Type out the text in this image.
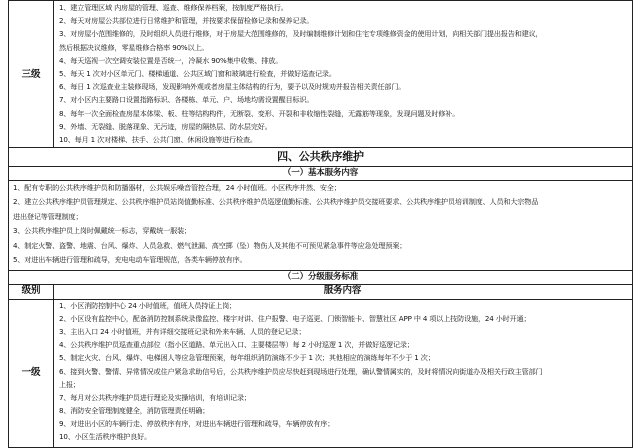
三级
1、建立管理区域 内房屋的管理、巡查、维修保养档案，按制度严格执行。
2、每天对房屋公共部位进行日常维护和管理，并按要求保留检修记录和保养记录。
3、对房屋小范围维修的，及时组织人员进行维修，对于房屋大范围维修的，及时编制维修计划和住宅专项维修资金的使用计划，向相关部门提出报告和建议，
然后根据决议维修，零星维修合格率 90%以上。
4、每天巡视一次空调安装位置是否统一，冷凝水 90%集中收集、排放。
5、每天 1 次对小区单元门、楼梯通道、公共区域门窗和玻璃进行检查，并做好巡查记录。
6、每日 1 次巡查业主装修现场，发现影响外观或者房屋主体结构的行为，要予以及时规劝并报告相关责任部门。
7、对小区内主要路口设置指路标识、各楼栋、单元、户、场地均需设置醒目标识。
8、每年一次全面检查房屋本体梁、板、柱等结构构件，无断裂、变形、开裂和非收缩性裂缝，无露筋等现象，发现问题及时修补。
9、外墙、无裂缝、脱落现象、无污迹，房屋的隔热层、防水层完好。
10、每月 1 次对楼梯、扶手、公共门窗、休闲设施等进行检查。
四、公共秩序维护
（一）基本服务内容
1、配有专职的公共秩序维护员和防播器材，公共娱乐噪音管控合理，24 小时值班。小区秩序井然、安全；
2、建立公共秩序维护员管理规定、公共秩序维护员站岗值勤标准、公共秩序维护员巡逻值勤标准、公共秩序维护员交接班要求、公共秩序维护员培训制度、人员和大宗物品
进出登记等管理制度；
3、公共秩序维护员上岗时佩戴统一标志，穿戴统一服装；
4、制定火警、盗警、地震、台风、爆炸、人员急救、燃气泄漏、高空掷（坠）物伤人及其他不可预见紧急事件等应急处理预案；
5、对进出车辆进行管理和疏导，充电电动车管理规范，各类车辆停放有序。
（二）分级服务标准
级别	服务内容
一级
1、小区消防控制中心 24 小时值班，值班人员持证上岗；
2、小区设有监控中心，配备消防控制系统录像监控、楼宇对讲、住户报警、电子巡更、门锁智能卡、智慧社区 APP 中 4 项以上技防设施，24 小时开通；
3、主出入口 24 小时值班，并有详细交接班记录和外来车辆、人员的登记记录；
4、公共秩序维护员巡查重点部位（指小区道路、单元出入口、主要楼层等）每 2 小时巡逻 1 次，并做好巡逻记录；
5、制定火灾、台风、爆炸、电梯困人等应急管理预案，每年组织消防演练不少于 1 次；其他相应的演练每年不少于 1 次；
6、接到火警、警情、异常情况或住户紧急求助信号后，公共秩序维护员应尽快赶到现场进行处理，确认警情属实的，及时将情况向街道办及相关行政主管部门
上报；
7、每月对公共秩序维护员进行理论及实操培训，有培训记录；
8、消防安全管理制度健全，消防管理责任明确；
9、对进出小区的车辆行走、停放秩序有序，对进出车辆进行管理和疏导，车辆停放有序；
10、小区生活秩序维护良好。
